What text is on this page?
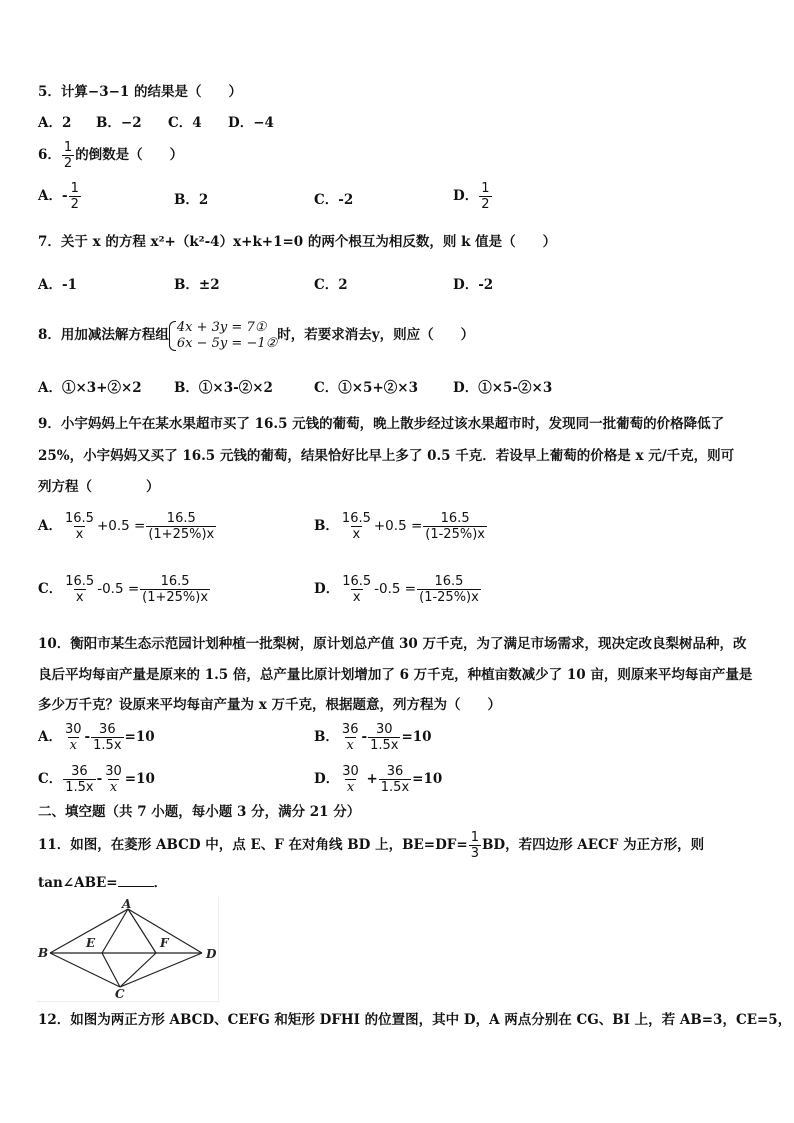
5．计算−3−1 的结果是（　　）
A．2 B．−2 C．4 D．−4
6． $\frac{1}{2}$ 的倒数是（　　）
A．- $\frac{1}{2}$	B．2	C．-2	D． $\frac{1}{2}$
7．关于 x 的方程 x²+（k²-4）x+k+1=0 的两个根互为相反数，则 k 值是（　　）
A．-1	B．±2	C．2	D．-2
8．用加减法解方程组 4x + 3y = 7①
6x − 5y = −1② 时，若要求消去y，则应（　　）
A．①×3+②×2 B．①×3-②×2	C．①×5+②×3	D．①×5-②×3
9．小宇妈妈上午在某水果超市买了 16.5 元钱的葡萄，晚上散步经过该水果超市时，发现同一批葡萄的价格降低了
25%，小宇妈妈又买了 16.5 元钱的葡萄，结果恰好比早上多了 0.5 千克．若设早上葡萄的价格是 x 元/千克，则可
列方程（　　　　）
A． $\frac{16.5}{x} +0.5 = \frac{16.5}{(1+25\%)x}$	B． $\frac{16.5}{x} +0.5 = \frac{16.5}{(1-25\%)x}$
C． $\frac{16.5}{x} -0.5 = \frac{16.5}{(1+25\%)x}$	D． $\frac{16.5}{x} -0.5 = \frac{16.5}{(1-25\%)x}$
10．衡阳市某生态示范园计划种植一批梨树，原计划总产值 30 万千克，为了满足市场需求，现决定改良梨树品种，改
良后平均每亩产量是原来的 1.5 倍，总产量比原计划增加了 6 万千克，种植亩数减少了 10 亩，则原来平均每亩产量是
多少万千克？设原来平均每亩产量为 x 万千克，根据题意，列方程为（　　）
A． $\frac{30}{x} - \frac{36}{1.5x} =10$	B． $\frac{36}{x} - \frac{30}{1.5x} =10$
C． $\frac{36}{1.5x} - \frac{30}{x} =10$	D． $\frac{30}{x} + \frac{36}{1.5x} =10$
二、填空题（共 7 小题，每小题 3 分，满分 21 分）
11．如图，在菱形 ABCD 中，点 E、F 在对角线 BD 上，$BE=DF= \frac{1}{3}$ BD，若四边形 AECF 为正方形，则
tan∠ABE=	．
A
B
C
D
E	F
12．如图为两正方形 ABCD、CEFG 和矩形 DFHI 的位置图，其中 D，A 两点分别在 CG、BI 上，若 AB=3，CE=5，
